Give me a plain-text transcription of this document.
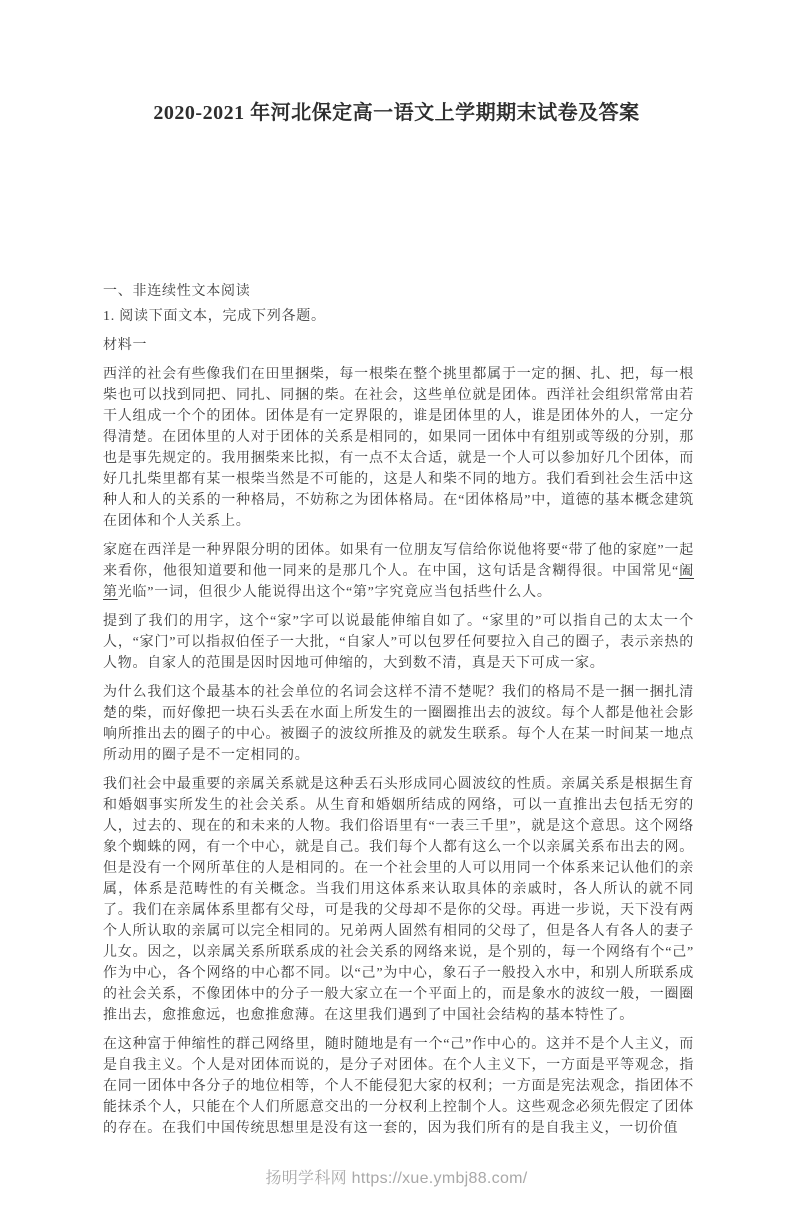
2020-2021 年河北保定高一语文上学期期末试卷及答案

一、非连续性文本阅读

1. 阅读下面文本，完成下列各题。

材料一

西洋的社会有些像我们在田里捆柴，每一根柴在整个挑里都属于一定的捆、扎、把，每一根柴也可以找到同把、同扎、同捆的柴。在社会，这些单位就是团体。西洋社会组织常常由若干人组成一个个的团体。团体是有一定界限的，谁是团体里的人，谁是团体外的人，一定分得清楚。在团体里的人对于团体的关系是相同的，如果同一团体中有组别或等级的分别，那也是事先规定的。我用捆柴来比拟，有一点不太合适，就是一个人可以参加好几个团体，而好几扎柴里都有某一根柴当然是不可能的，这是人和柴不同的地方。我们看到社会生活中这种人和人的关系的一种格局，不妨称之为团体格局。在“团体格局”中，道德的基本概念建筑在团体和个人关系上。

家庭在西洋是一种界限分明的团体。如果有一位朋友写信给你说他将要“带了他的家庭”一起来看你，他很知道要和他一同来的是那几个人。在中国，这句话是含糊得很。中国常见“阖第光临”一词，但很少人能说得出这个“第”字究竟应当包括些什么人。

提到了我们的用字，这个“家”字可以说最能伸缩自如了。“家里的”可以指自己的太太一个人，“家门”可以指叔伯侄子一大批，“自家人”可以包罗任何要拉入自己的圈子，表示亲热的人物。自家人的范围是因时因地可伸缩的，大到数不清，真是天下可成一家。

为什么我们这个最基本的社会单位的名词会这样不清不楚呢？我们的格局不是一捆一捆扎清楚的柴，而好像把一块石头丢在水面上所发生的一圈圈推出去的波纹。每个人都是他社会影响所推出去的圈子的中心。被圈子的波纹所推及的就发生联系。每个人在某一时间某一地点所动用的圈子是不一定相同的。

我们社会中最重要的亲属关系就是这种丢石头形成同心圆波纹的性质。亲属关系是根据生育和婚姻事实所发生的社会关系。从生育和婚姻所结成的网络，可以一直推出去包括无穷的人，过去的、现在的和未来的人物。我们俗语里有“一表三千里”，就是这个意思。这个网络象个蜘蛛的网，有一个中心，就是自己。我们每个人都有这么一个以亲属关系布出去的网。但是没有一个网所革住的人是相同的。在一个社会里的人可以用同一个体系来记认他们的亲属，体系是范畴性的有关概念。当我们用这体系来认取具体的亲戚时，各人所认的就不同了。我们在亲属体系里都有父母，可是我的父母却不是你的父母。再进一步说，天下没有两个人所认取的亲属可以完全相同的。兄弟两人固然有相同的父母了，但是各人有各人的妻子儿女。因之，以亲属关系所联系成的社会关系的网络来说，是个别的，每一个网络有个“己”作为中心，各个网络的中心都不同。以“己”为中心，象石子一般投入水中，和别人所联系成的社会关系，不像团体中的分子一般大家立在一个平面上的，而是象水的波纹一般，一圈圈推出去，愈推愈远，也愈推愈薄。在这里我们遇到了中国社会结构的基本特性了。

在这种富于伸缩性的群己网络里，随时随地是有一个“己”作中心的。这并不是个人主义，而是自我主义。个人是对团体而说的，是分子对团体。在个人主义下，一方面是平等观念，指在同一团体中各分子的地位相等，个人不能侵犯大家的权利；一方面是宪法观念，指团体不能抹杀个人，只能在个人们所愿意交出的一分权利上控制个人。这些观念必须先假定了团体的存在。在我们中国传统思想里是没有这一套的，因为我们所有的是自我主义，一切价值

扬明学科网 https://xue.ymbj88.com/
